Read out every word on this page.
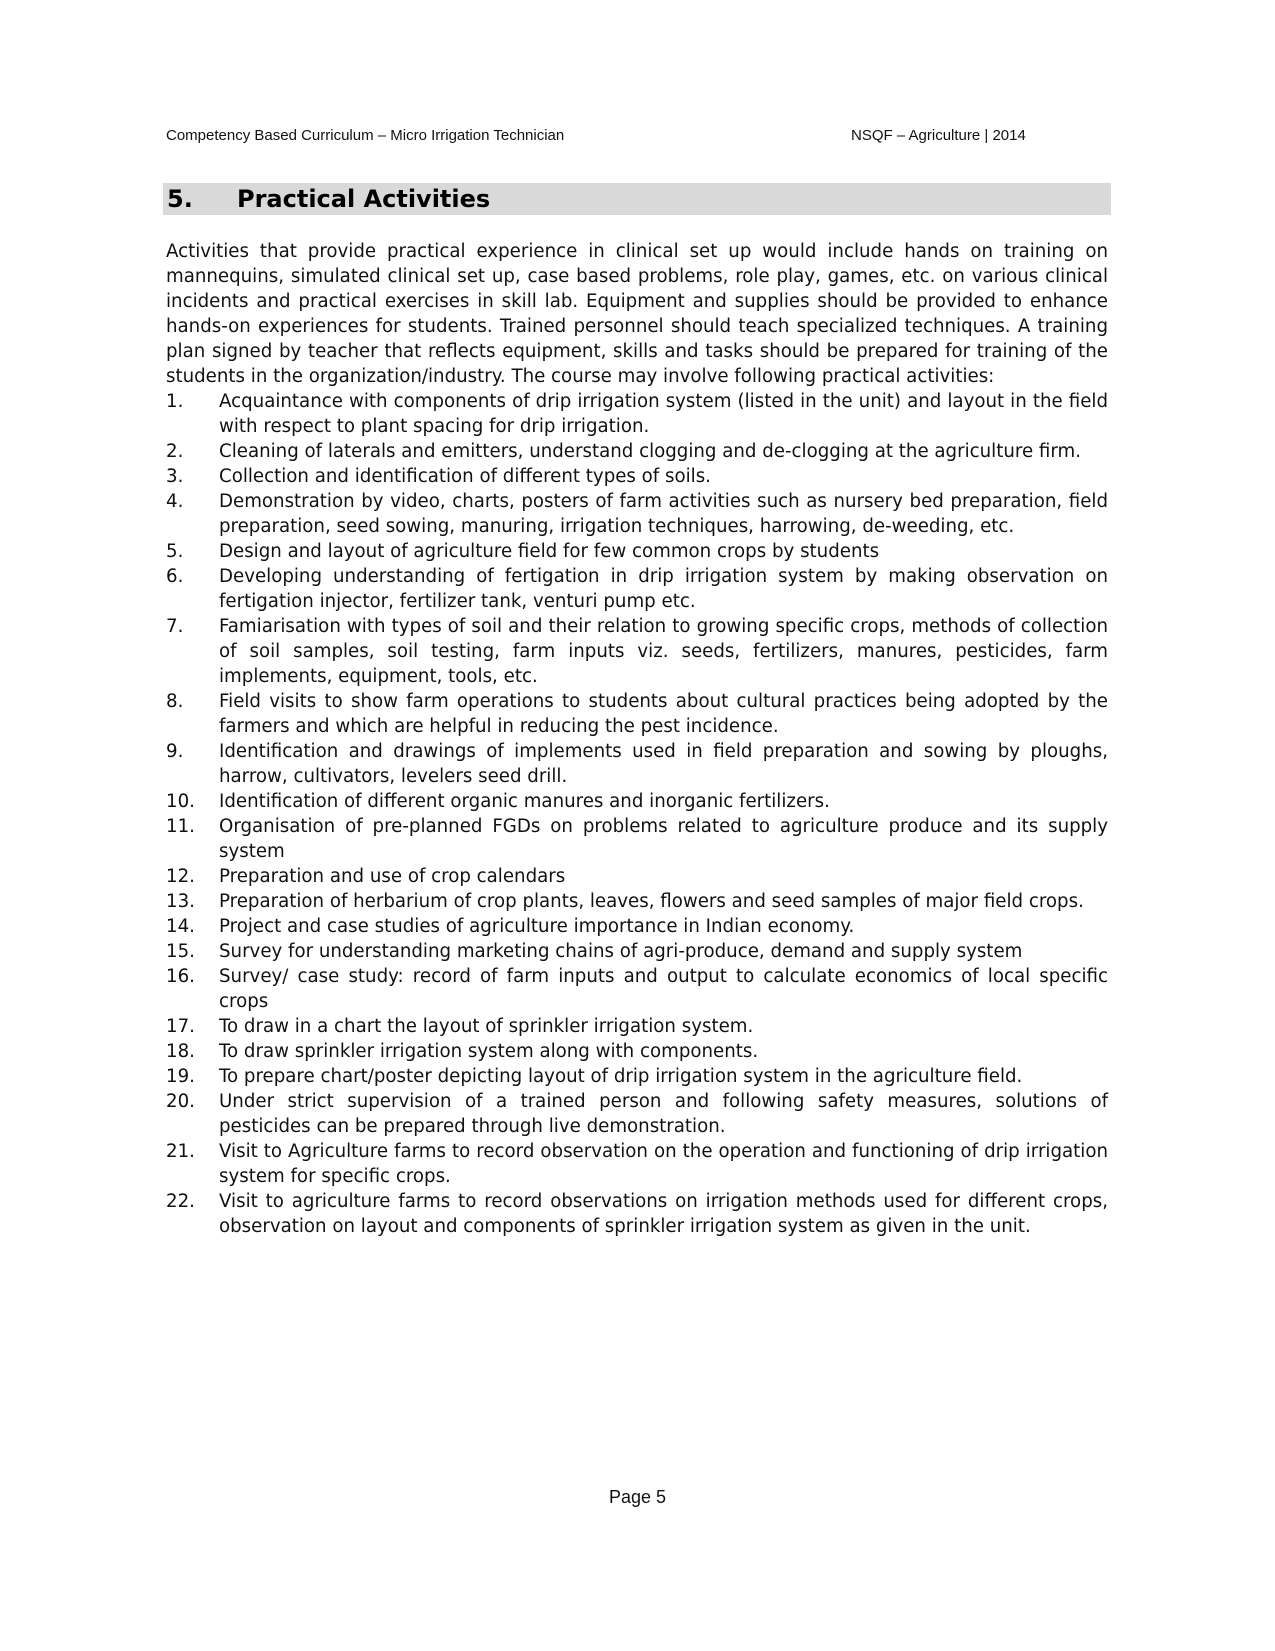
Competency Based Curriculum – Micro Irrigation Technician	NSQF – Agriculture | 2014
5. Practical Activities

Activities that provide practical experience in clinical set up would include hands on training on mannequins, simulated clinical set up, case based problems, role play, games, etc. on various clinical incidents and practical exercises in skill lab. Equipment and supplies should be provided to enhance hands-on experiences for students. Trained personnel should teach specialized techniques. A training plan signed by teacher that reflects equipment, skills and tasks should be prepared for training of the students in the organization/industry. The course may involve following practical activities:

1. Acquaintance with components of drip irrigation system (listed in the unit) and layout in the field with respect to plant spacing for drip irrigation.
2. Cleaning of laterals and emitters, understand clogging and de-clogging at the agriculture firm.
3. Collection and identification of different types of soils.
4. Demonstration by video, charts, posters of farm activities such as nursery bed preparation, field preparation, seed sowing, manuring, irrigation techniques, harrowing, de-weeding, etc.
5. Design and layout of agriculture field for few common crops by students
6. Developing understanding of fertigation in drip irrigation system by making observation on fertigation injector, fertilizer tank, venturi pump etc.
7. Famiarisation with types of soil and their relation to growing specific crops, methods of collection of soil samples, soil testing, farm inputs viz. seeds, fertilizers, manures, pesticides, farm implements, equipment, tools, etc.
8. Field visits to show farm operations to students about cultural practices being adopted by the farmers and which are helpful in reducing the pest incidence.
9. Identification and drawings of implements used in field preparation and sowing by ploughs, harrow, cultivators, levelers seed drill.
10. Identification of different organic manures and inorganic fertilizers.
11. Organisation of pre-planned FGDs on problems related to agriculture produce and its supply system
12. Preparation and use of crop calendars
13. Preparation of herbarium of crop plants, leaves, flowers and seed samples of major field crops.
14. Project and case studies of agriculture importance in Indian economy.
15. Survey for understanding marketing chains of agri-produce, demand and supply system
16. Survey/ case study: record of farm inputs and output to calculate economics of local specific crops
17. To draw in a chart the layout of sprinkler irrigation system.
18. To draw sprinkler irrigation system along with components.
19. To prepare chart/poster depicting layout of drip irrigation system in the agriculture field.
20. Under strict supervision of a trained person and following safety measures, solutions of pesticides can be prepared through live demonstration.
21. Visit to Agriculture farms to record observation on the operation and functioning of drip irrigation system for specific crops.
22. Visit to agriculture farms to record observations on irrigation methods used for different crops, observation on layout and components of sprinkler irrigation system as given in the unit.
Page 5
